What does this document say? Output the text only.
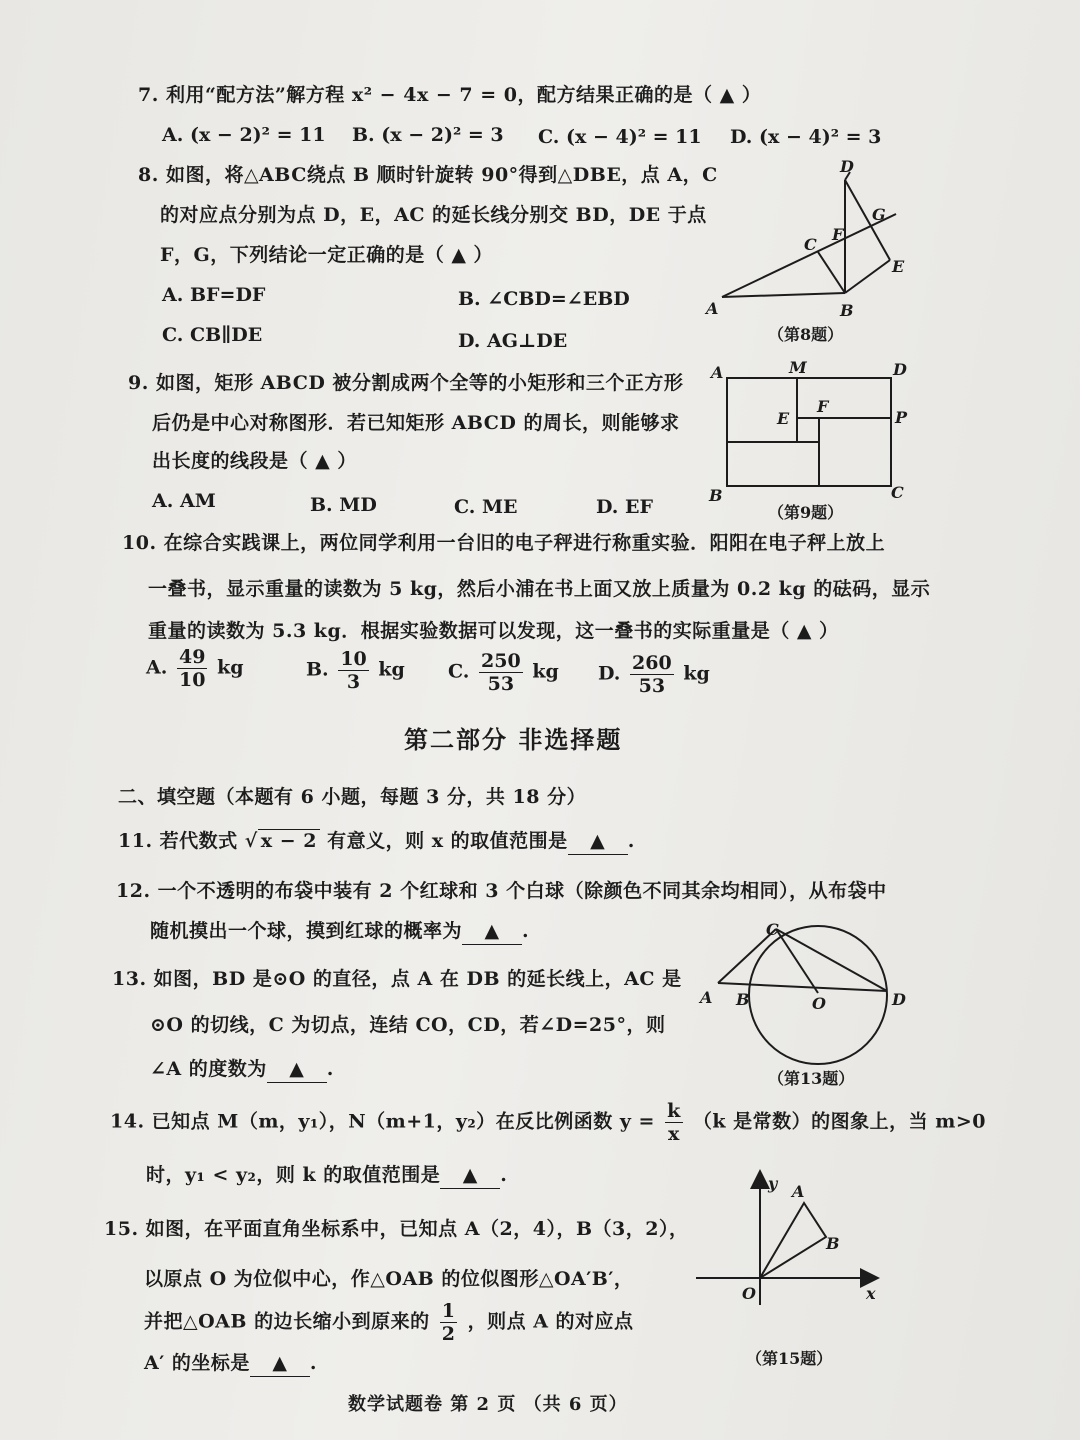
7. 利用“配方法”解方程 x² − 4x − 7 = 0，配方结果正确的是（ ▲ ）
A. (x − 2)² = 11 B. (x − 2)² = 3 C. (x − 4)² = 11 D. (x − 4)² = 3
8. 如图，将△ABC绕点 B 顺时针旋转 90°得到△DBE，点 A，C
的对应点分别为点 D，E，AC 的延长线分别交 BD，DE 于点
F，G，下列结论一定正确的是（ ▲ ）
A. BF=DF	B. ∠CBD=∠EBD
C. CB∥DE	D. AG⊥DE
D
G
C
F
E
A	B
（第8题）
9. 如图，矩形 ABCD 被分割成两个全等的小矩形和三个正方形
后仍是中心对称图形．若已知矩形 ABCD 的周长，则能够求
出长度的线段是（ ▲ ）
A. AM	B. MD	C. ME	D. EF
A	M	D
E
F
P
B	C
（第9题）
10. 在综合实践课上，两位同学利用一台旧的电子秤进行称重实验．阳阳在电子秤上放上
一叠书，显示重量的读数为 5 kg，然后小浦在书上面又放上质量为 0.2 kg 的砝码，显示
重量的读数为 5.3 kg．根据实验数据可以发现，这一叠书的实际重量是（ ▲ ）
A. $\frac{49}{10}$ kg	B. $\frac{10}{3}$ kg C. $\frac{250}{53}$ kg D. $\frac{260}{53}$ kg
第二部分 非选择题
二、填空题（本题有 6 小题，每题 3 分，共 18 分）
11. 若代数式 √ x − 2 有意义，则 x 的取值范围是 ▲ .
12. 一个不透明的布袋中装有 2 个红球和 3 个白球（除颜色不同其余均相同），从布袋中
随机摸出一个球，摸到红球的概率为 ▲ .
13. 如图，BD 是⊙O 的直径，点 A 在 DB 的延长线上，AC 是
⊙O 的切线，C 为切点，连结 CO，CD，若∠D=25°，则
∠A 的度数为 ▲ .
C
A B	O	D
（第13题）
14. 已知点 M（m，y₁），N（m+1，y₂）在反比例函数 $y = \frac{k}{x} (k$ 是常数）的图象上，当 m>0
时，y₁ < y₂，则 k 的取值范围是 ▲ .
15. 如图，在平面直角坐标系中，已知点 A（2，4），B（3，2），
以原点 O 为位似中心，作△OAB 的位似图形△OA′B′，
并把△OAB 的边长缩小到原来的 $\frac{1}{2}$ ，则点 A 的对应点
A′ 的坐标是 ▲ .
y A
B
O	x
（第15题）
数学试题卷 第 2 页 （共 6 页）
